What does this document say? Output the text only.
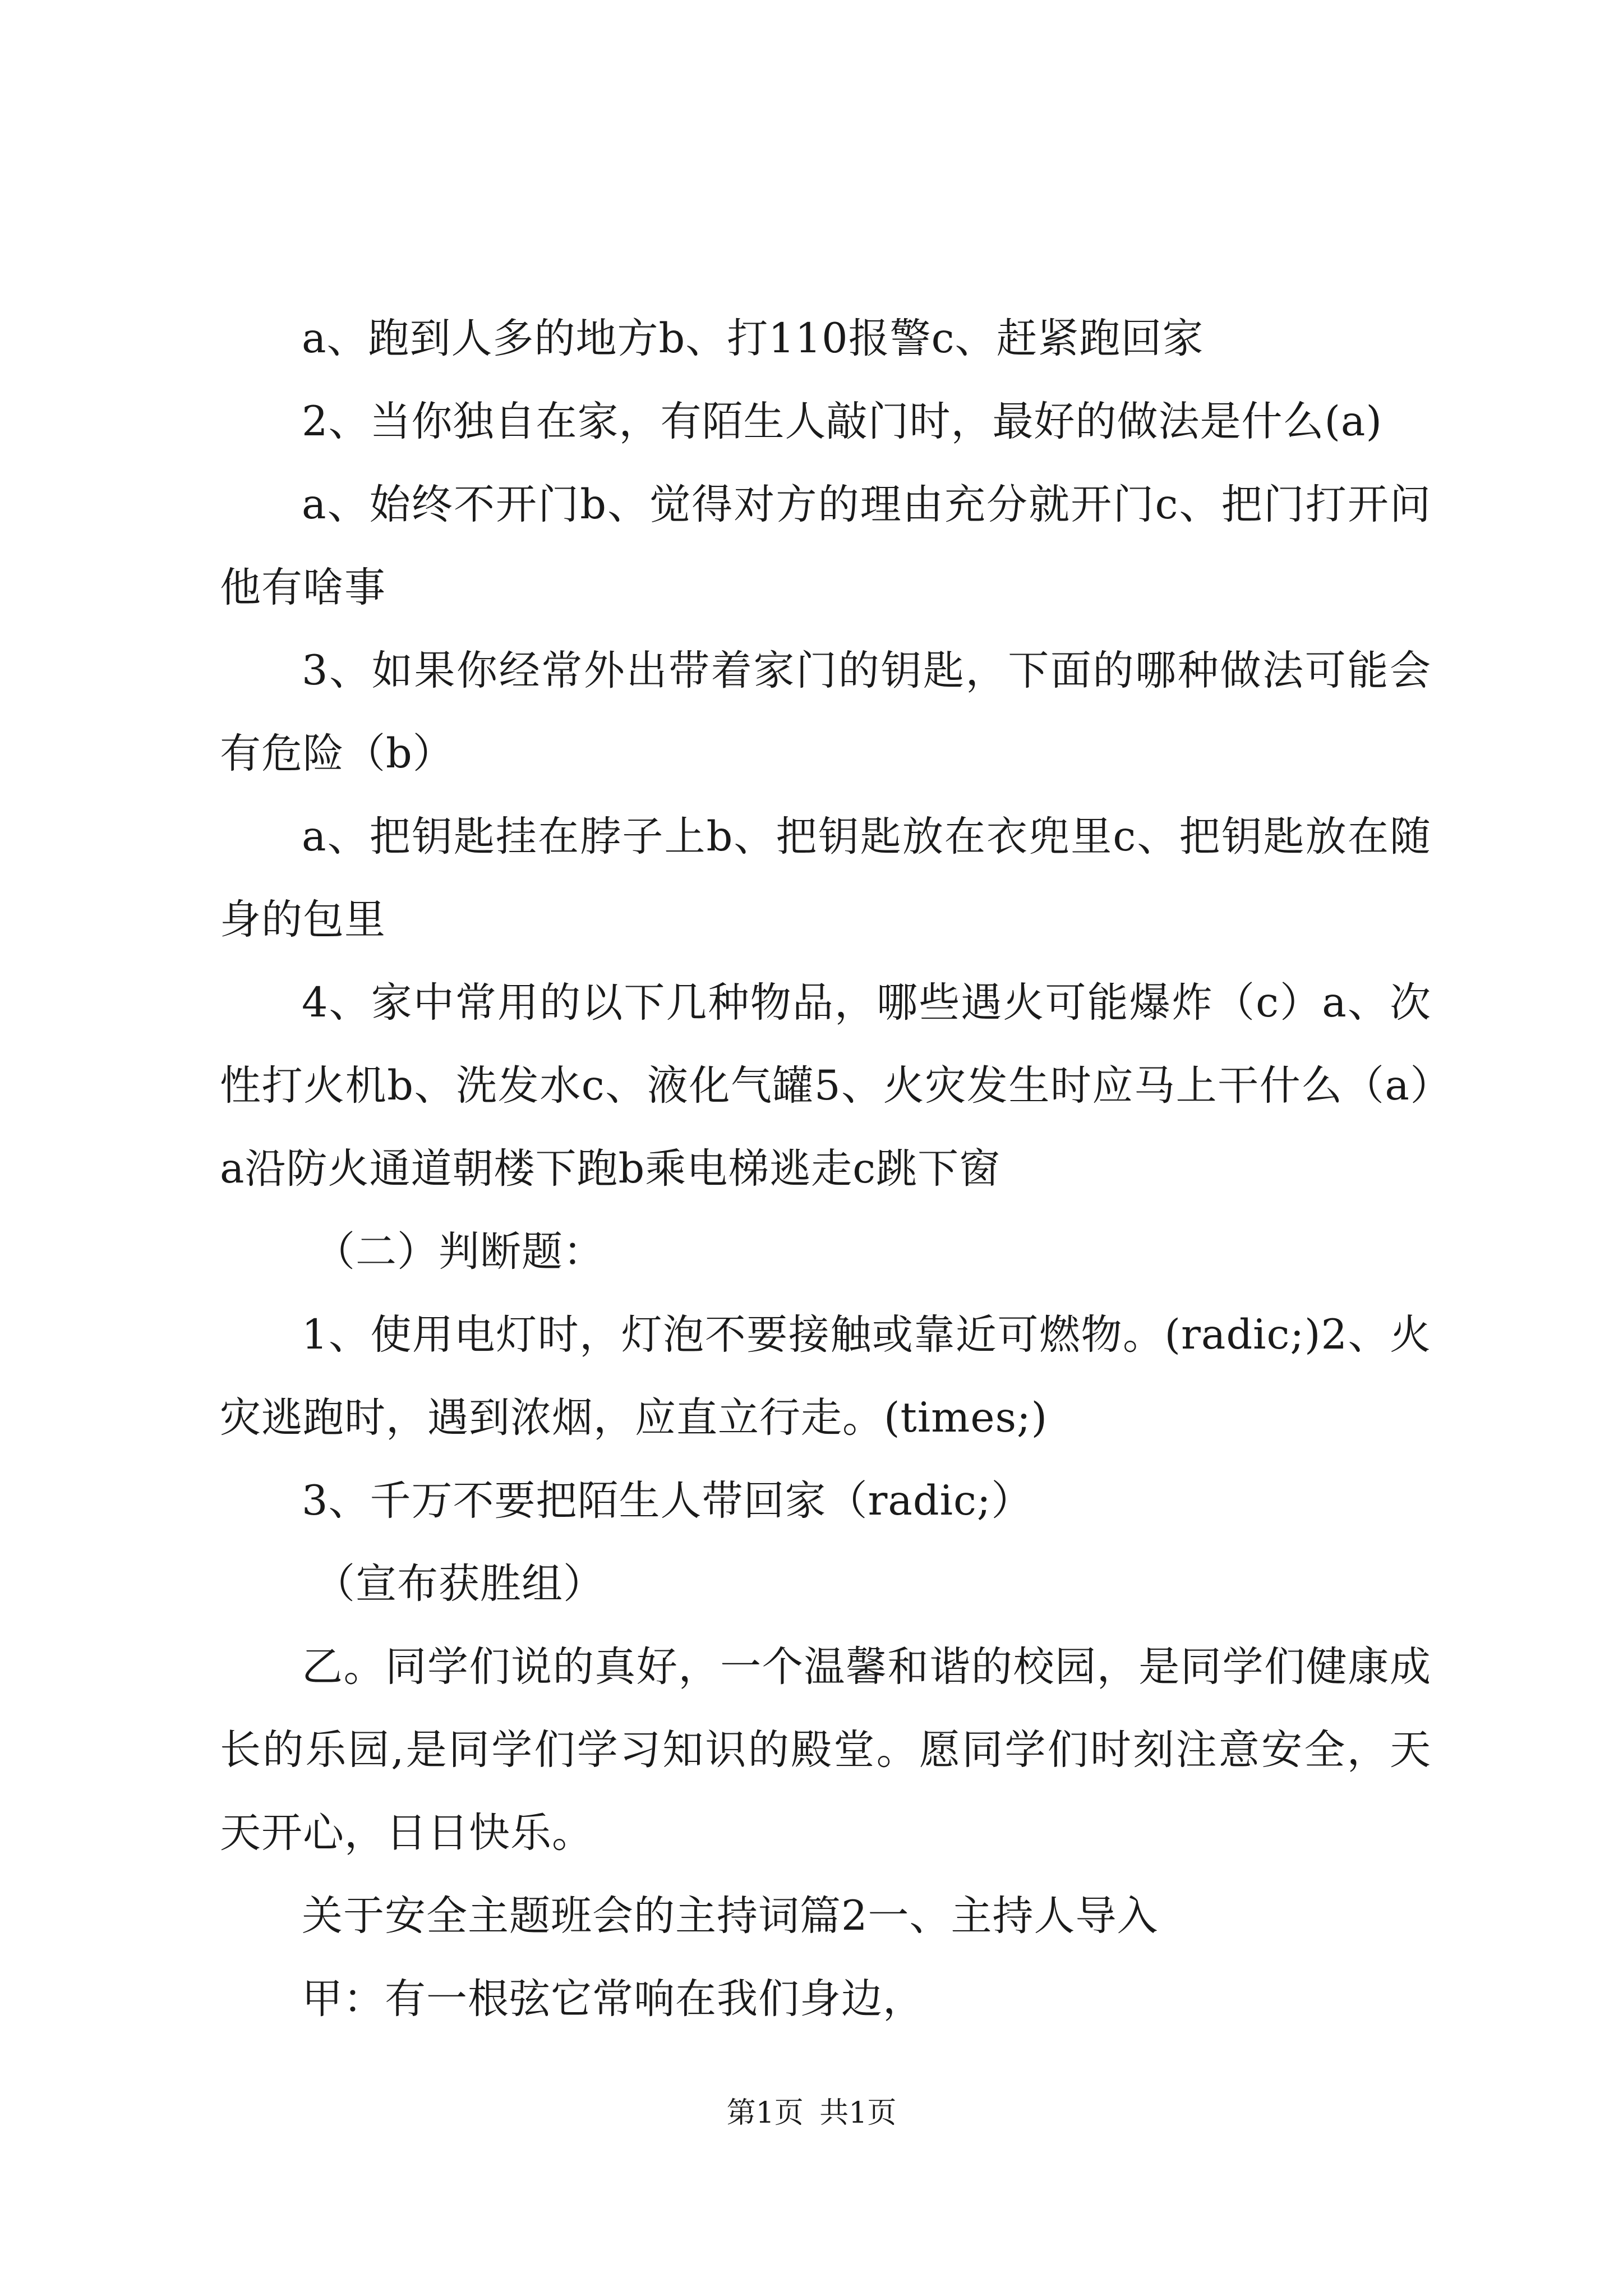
a、跑到人多的地方b、打110报警c、赶紧跑回家

2、当你独自在家，有陌生人敲门时，最好的做法是什么(a)

a、始终不开门b、觉得对方的理由充分就开门c、把门打开问他有啥事

3、如果你经常外出带着家门的钥匙，下面的哪种做法可能会有危险（b）

a、把钥匙挂在脖子上b、把钥匙放在衣兜里c、把钥匙放在随身的包里

4、家中常用的以下几种物品，哪些遇火可能爆炸（c）a、次性打火机b、洗发水c、液化气罐5、火灾发生时应马上干什么（a）a沿防火通道朝楼下跑b乘电梯逃走c跳下窗

（二）判断题：

1、使用电灯时，灯泡不要接触或靠近可燃物。(radic;)2、火灾逃跑时，遇到浓烟，应直立行走。(times;)

3、千万不要把陌生人带回家（radic;）

（宣布获胜组）

乙。同学们说的真好，一个温馨和谐的校园，是同学们健康成长的乐园,是同学们学习知识的殿堂。愿同学们时刻注意安全，天天开心，日日快乐。

关于安全主题班会的主持词篇2一、主持人导入

甲：有一根弦它常响在我们身边，

第1页 共1页
